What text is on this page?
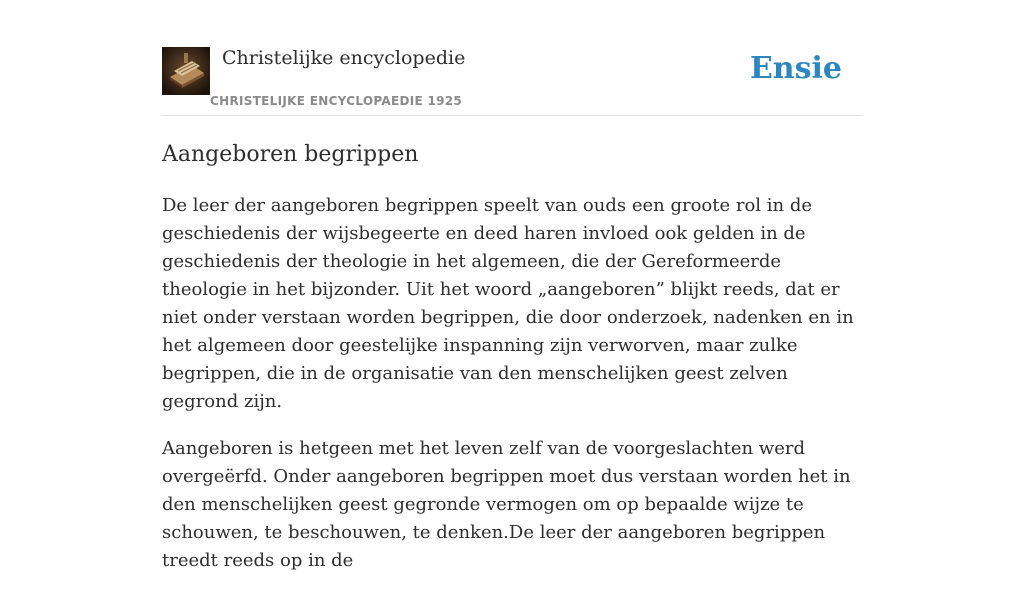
Christelijke encyclopedie
CHRISTELIJKE ENCYCLOPAEDIE 1925
Ensie
Aangeboren begrippen

De leer der aangeboren begrippen speelt van ouds een groote rol in de geschiedenis der wijsbegeerte en deed haren invloed ook gelden in de geschiedenis der theologie in het algemeen, die der Gereformeerde theologie in het bijzonder. Uit het woord „aangeboren” blijkt reeds, dat er niet onder verstaan worden begrippen, die door onderzoek, nadenken en in het algemeen door geestelijke inspanning zijn verworven, maar zulke begrippen, die in de organisatie van den menschelijken geest zelven gegrond zijn.

Aangeboren is hetgeen met het leven zelf van de voorgeslachten werd overgeërfd. Onder aangeboren begrippen moet dus verstaan worden het in den menschelijken geest gegronde vermogen om op bepaalde wijze te schouwen, te beschouwen, te denken.De leer der aangeboren begrippen treedt reeds op in de
